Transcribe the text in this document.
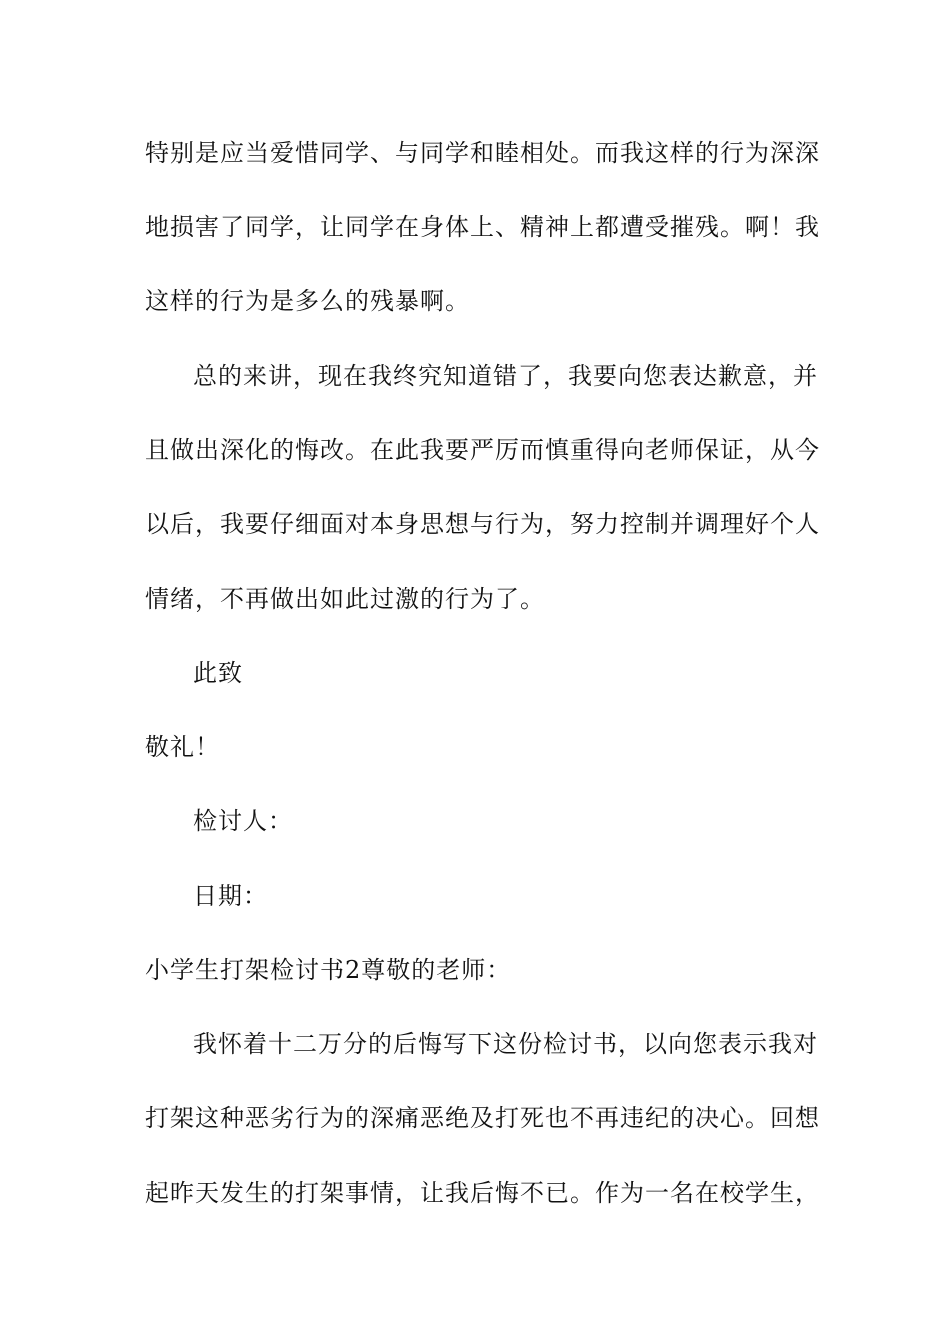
特别是应当爱惜同学、与同学和睦相处。而我这样的行为深深
地损害了同学，让同学在身体上、精神上都遭受摧残。啊！我
这样的行为是多么的残暴啊。
总的来讲，现在我终究知道错了，我要向您表达歉意，并
且做出深化的悔改。在此我要严厉而慎重得向老师保证，从今
以后，我要仔细面对本身思想与行为，努力控制并调理好个人
情绪，不再做出如此过激的行为了。
此致
敬礼！
检讨人：
日期：
小学生打架检讨书2尊敬的老师：
我怀着十二万分的后悔写下这份检讨书，以向您表示我对
打架这种恶劣行为的深痛恶绝及打死也不再违纪的决心。回想
起昨天发生的打架事情，让我后悔不已。作为一名在校学生，
